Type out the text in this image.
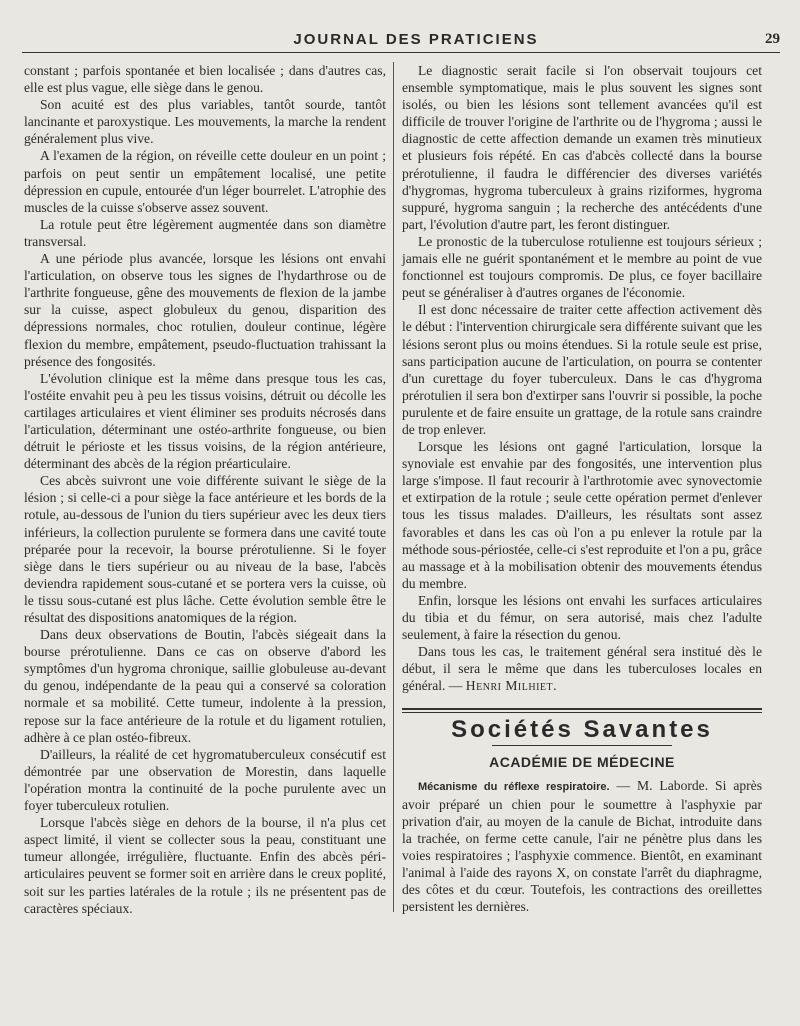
JOURNAL DES PRATICIENS	29

constant ; parfois spontanée et bien localisée ; dans d'autres cas, elle est plus vague, elle siège dans le genou.

Son acuité est des plus variables, tantôt sourde, tantôt lancinante et paroxystique. Les mouvements, la marche la rendent généralement plus vive.

A l'examen de la région, on réveille cette douleur en un point ; parfois on peut sentir un empâtement localisé, une petite dépression en cupule, entourée d'un léger bourrelet. L'atrophie des muscles de la cuisse s'observe assez souvent.

La rotule peut être légèrement augmentée dans son diamètre transversal.

A une période plus avancée, lorsque les lésions ont envahi l'articulation, on observe tous les signes de l'hydarthrose ou de l'arthrite fongueuse, gêne des mouvements de flexion de la jambe sur la cuisse, aspect globuleux du genou, disparition des dépressions normales, choc rotulien, douleur continue, légère flexion du membre, empâtement, pseudo-fluctuation trahissant la présence des fongosités.

L'évolution clinique est la même dans presque tous les cas, l'ostéite envahit peu à peu les tissus voisins, détruit ou décolle les cartilages articulaires et vient éliminer ses produits nécrosés dans l'articulation, déterminant une ostéo-arthrite fongueuse, ou bien détruit le périoste et les tissus voisins, de la région antérieure, déterminant des abcès de la région préarticulaire.

Ces abcès suivront une voie différente suivant le siège de la lésion ; si celle-ci a pour siège la face antérieure et les bords de la rotule, au-dessous de l'union du tiers supérieur avec les deux tiers inférieurs, la collection purulente se formera dans une cavité toute préparée pour la recevoir, la bourse prérotulienne. Si le foyer siège dans le tiers supérieur ou au niveau de la base, l'abcès deviendra rapidement sous-cutané et se portera vers la cuisse, où le tissu sous-cutané est plus lâche. Cette évolution semble être le résultat des dispositions anatomiques de la région.

Dans deux observations de Boutin, l'abcès siégeait dans la bourse prérotulienne. Dans ce cas on observe d'abord les symptômes d'un hygroma chronique, saillie globuleuse au-devant du genou, indépendante de la peau qui a conservé sa coloration normale et sa mobilité. Cette tumeur, indolente à la pression, repose sur la face antérieure de la rotule et du ligament rotulien, adhère à ce plan ostéo-fibreux.

D'ailleurs, la réalité de cet hygromatuberculeux consécutif est démontrée par une observation de Morestin, dans laquelle l'opération montra la continuité de la poche purulente avec un foyer tuberculeux rotulien.

Lorsque l'abcès siège en dehors de la bourse, il n'a plus cet aspect limité, il vient se collecter sous la peau, constituant une tumeur allongée, irrégulière, fluctuante. Enfin des abcès péri-articulaires peuvent se former soit en arrière dans le creux poplité, soit sur les parties latérales de la rotule ; ils ne présentent pas de caractères spéciaux.

Le diagnostic serait facile si l'on observait toujours cet ensemble symptomatique, mais le plus souvent les signes sont isolés, ou bien les lésions sont tellement avancées qu'il est difficile de trouver l'origine de l'arthrite ou de l'hygroma ; aussi le diagnostic de cette affection demande un examen très minutieux et plusieurs fois répété. En cas d'abcès collecté dans la bourse prérotulienne, il faudra le différencier des diverses variétés d'hygromas, hygroma tuberculeux à grains riziformes, hygroma suppuré, hygroma sanguin ; la recherche des antécédents d'une part, l'évolution d'autre part, les feront distinguer.

Le pronostic de la tuberculose rotulienne est toujours sérieux ; jamais elle ne guérit spontanément et le membre au point de vue fonctionnel est toujours compromis. De plus, ce foyer bacillaire peut se généraliser à d'autres organes de l'économie.

Il est donc nécessaire de traiter cette affection activement dès le début : l'intervention chirurgicale sera différente suivant que les lésions seront plus ou moins étendues. Si la rotule seule est prise, sans participation aucune de l'articulation, on pourra se contenter d'un curettage du foyer tuberculeux. Dans le cas d'hygroma prérotulien il sera bon d'extirper sans l'ouvrir si possible, la poche purulente et de faire ensuite un grattage, de la rotule sans craindre de trop enlever.

Lorsque les lésions ont gagné l'articulation, lorsque la synoviale est envahie par des fongosités, une intervention plus large s'impose. Il faut recourir à l'arthrotomie avec synovectomie et extirpation de la rotule ; seule cette opération permet d'enlever tous les tissus malades. D'ailleurs, les résultats sont assez favorables et dans les cas où l'on a pu enlever la rotule par la méthode sous-périostée, celle-ci s'est reproduite et l'on a pu, grâce au massage et à la mobilisation obtenir des mouvements étendus du membre.

Enfin, lorsque les lésions ont envahi les surfaces articulaires du tibia et du fémur, on sera autorisé, mais chez l'adulte seulement, à faire la résection du genou.

Dans tous les cas, le traitement général sera institué dès le début, il sera le même que dans les tuberculoses locales en général. — Henri Milhiet.

Sociétés Savantes
ACADÉMIE DE MÉDECINE

Mécanisme du réflexe respiratoire. — M. Laborde. Si après avoir préparé un chien pour le soumettre à l'asphyxie par privation d'air, au moyen de la canule de Bichat, introduite dans la trachée, on ferme cette canule, l'air ne pénètre plus dans les voies respiratoires ; l'asphyxie commence. Bientôt, en examinant l'animal à l'aide des rayons X, on constate l'arrêt du diaphragme, des côtes et du cœur. Toutefois, les contractions des oreillettes persistent les dernières.
